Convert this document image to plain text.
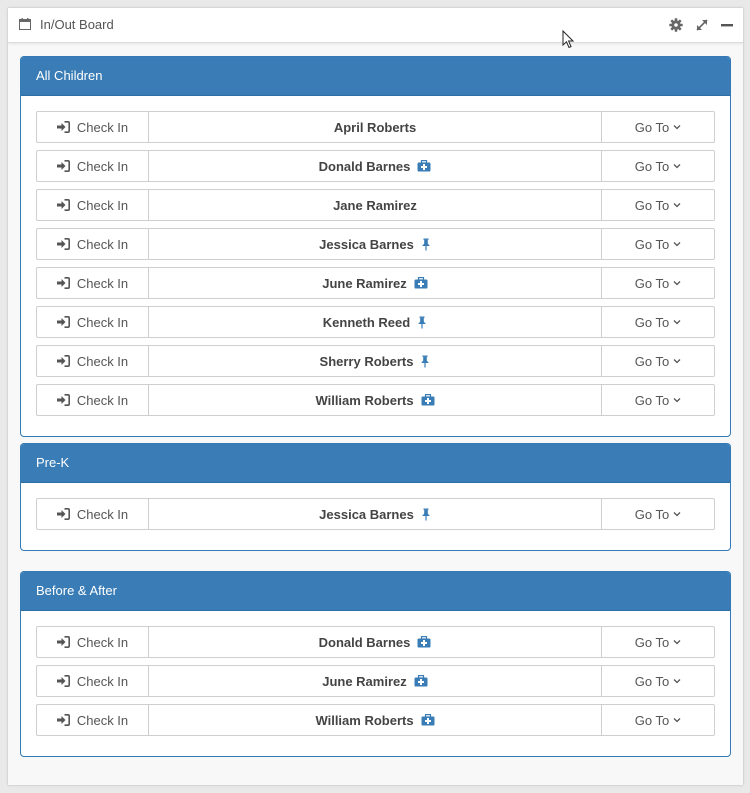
In/Out Board
All Children
Check In	April Roberts	Go To
Check In	Donald Barnes	Go To
Check In	Jane Ramirez	Go To
Check In	Jessica Barnes	Go To
Check In	June Ramirez	Go To
Check In	Kenneth Reed	Go To
Check In	Sherry Roberts	Go To
Check In	William Roberts	Go To
Pre-K
Check In	Jessica Barnes	Go To
Before & After
Check In	Donald Barnes	Go To
Check In	June Ramirez	Go To
Check In	William Roberts	Go To
